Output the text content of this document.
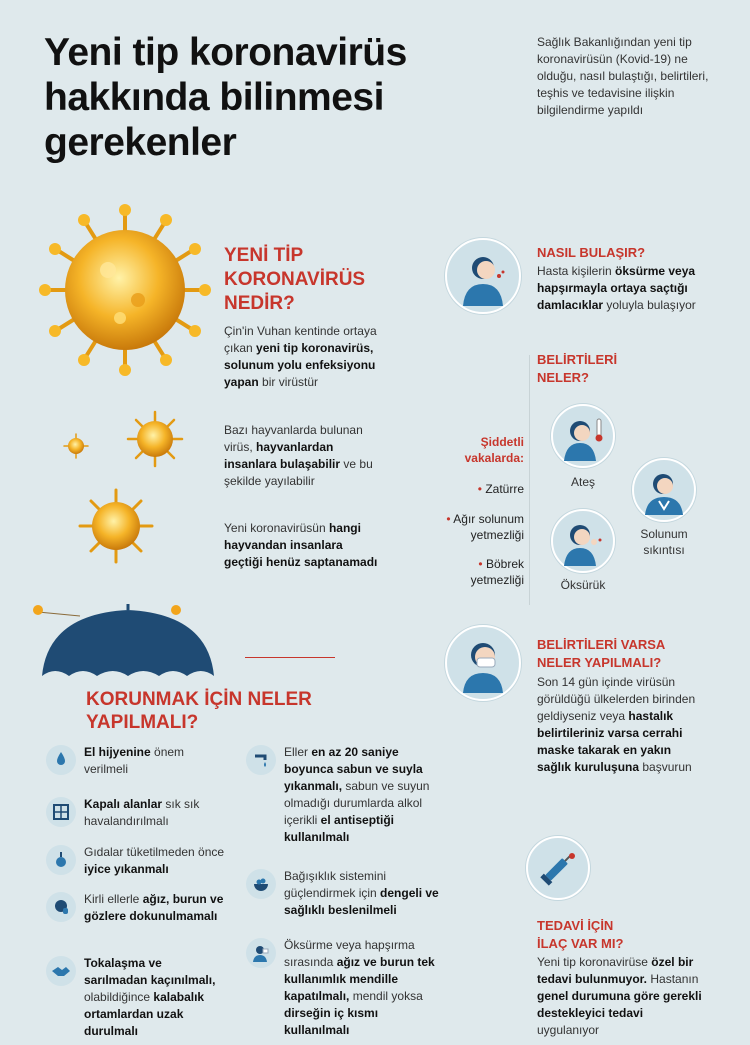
Yeni tip koronavirüs hakkında bilinmesi gerekenler
Sağlık Bakanlığından yeni tip koronavirüsün (Kovid-19) ne olduğu, nasıl bulaştığı, belirtileri, teşhis ve tedavisine ilişkin bilgilendirme yapıldı
YENİ TİP KORONAVİRÜS NEDİR?
Çin'in Vuhan kentinde ortaya çıkan yeni tip koronavirüs, solunum yolu enfeksiyonu yapan bir virüstür
Bazı hayvanlarda bulunan virüs, hayvanlardan insanlara bulaşabilir ve bu şekilde yayılabilir
Yeni koronavirüsün hangi hayvandan insanlara geçtiği henüz saptanamadı
NASIL BULAŞIR?
Hasta kişilerin öksürme veya hapşırmayla ortaya saçtığı damlacıklar yoluyla bulaşıyor
BELİRTİLERİ
NELER?
Şiddetli
vakalarda:
• Zatürre
• Ağır solunum
yetmezliği
• Böbrek
yetmezliği
Ateş
Solunum
sıkıntısı
Öksürük
BELİRTİLERİ VARSA
NELER YAPILMALI?
Son 14 gün içinde virüsün görüldüğü ülkelerden birinden geldiyseniz veya hastalık belirtileriniz varsa cerrahi maske takarak en yakın sağlık kuruluşuna başvurun
TEDAVİ İÇİN
İLAÇ VAR MI?
Yeni tip koronavirüse özel bir tedavi bulunmuyor. Hastanın genel durumuna göre gerekli destekleyici tedavi uygulanıyor
KORUNMAK İÇİN NELER
YAPILMALI?
El hijyenine önem verilmeli
Kapalı alanlar sık sık havalandırılmalı
Gıdalar tüketilmeden önce iyice yıkanmalı
Kirli ellerle ağız, burun ve gözlere dokunulmamalı
Tokalaşma ve sarılmadan kaçınılmalı, olabildiğince kalabalık ortamlardan uzak durulmalı
Eller en az 20 saniye boyunca sabun ve suyla yıkanmalı, sabun ve suyun olmadığı durumlarda alkol içerikli el antiseptiği kullanılmalı
Bağışıklık sistemini güçlendirmek için dengeli ve sağlıklı beslenilmeli
Öksürme veya hapşırma sırasında ağız ve burun tek kullanımlık mendille kapatılmalı, mendil yoksa dirseğin iç kısmı kullanılmalı
